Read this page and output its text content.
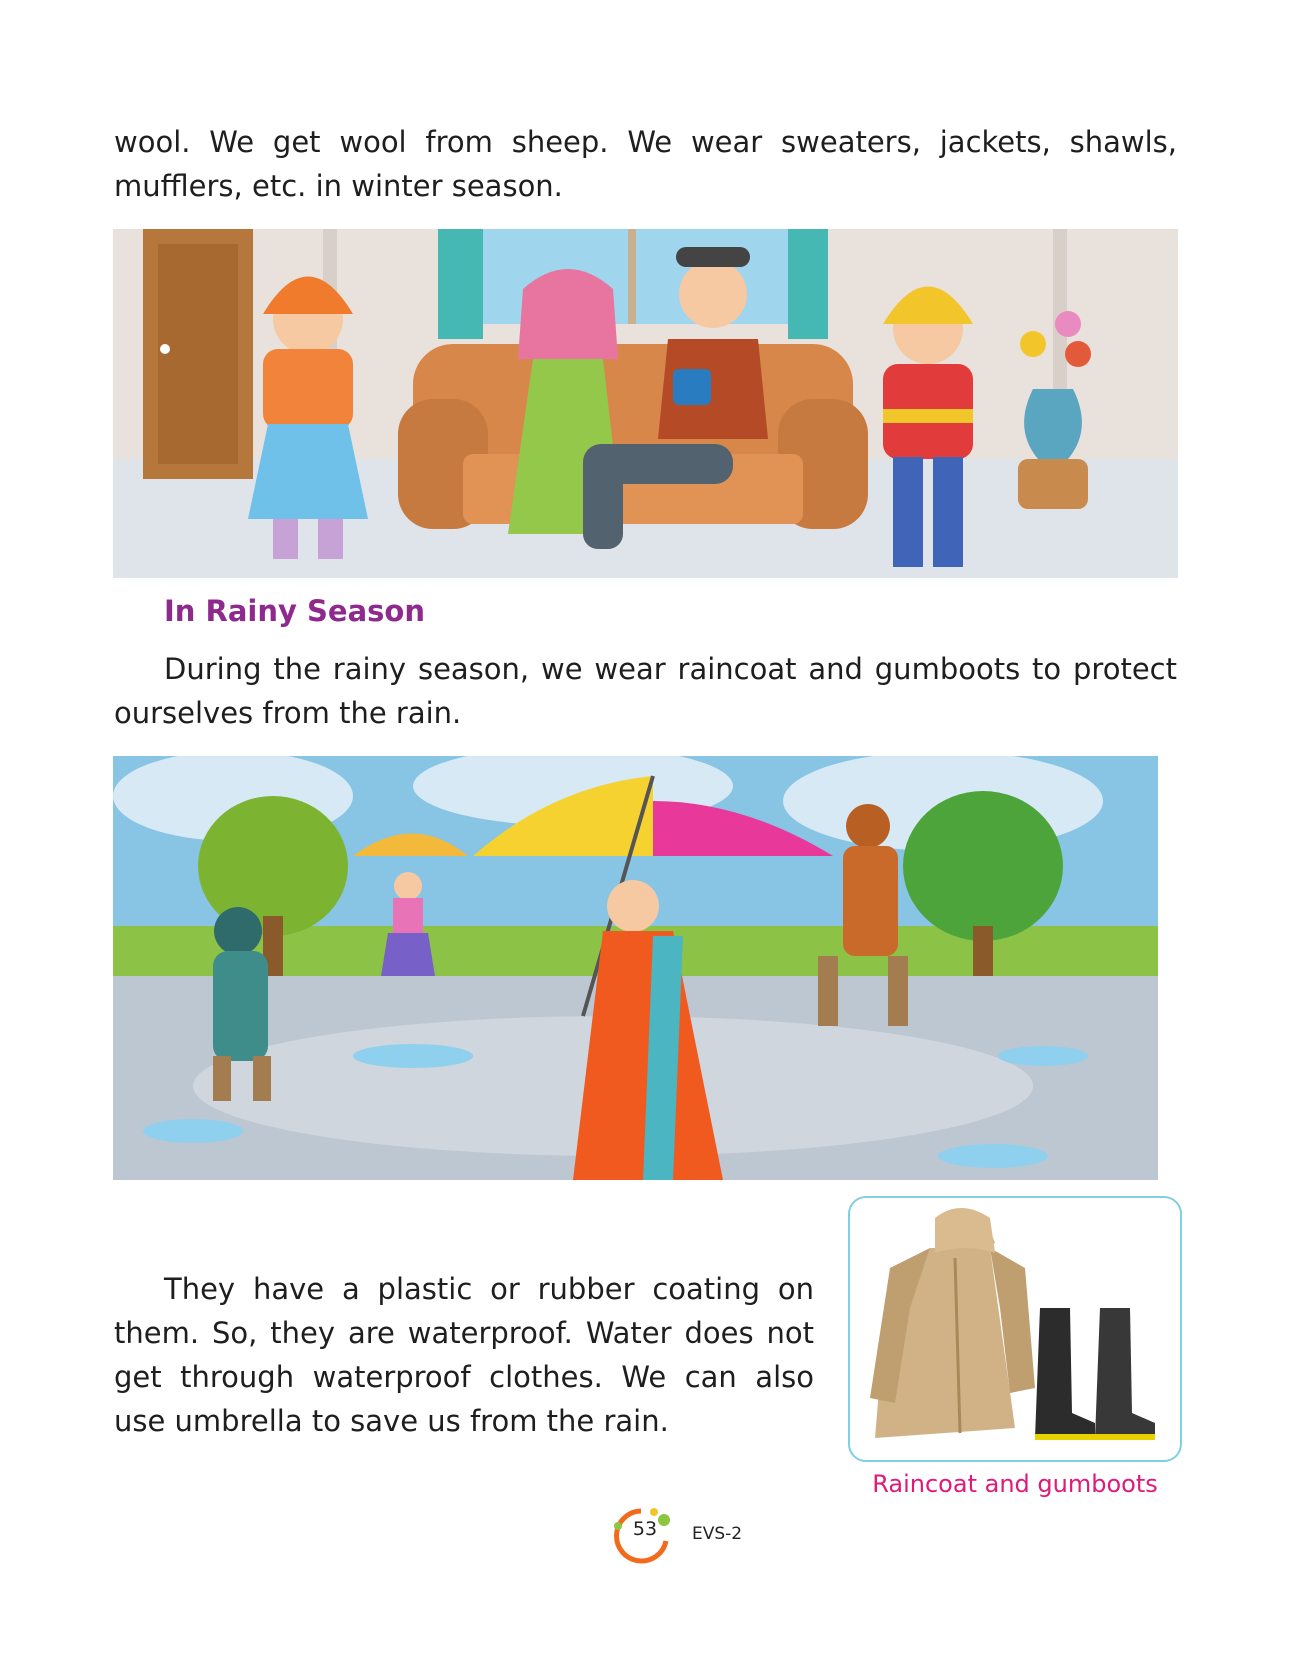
wool. We get wool from sheep. We wear sweaters, jackets, shawls, mufflers, etc. in winter season.

In Rainy Season

During the rainy season, we wear raincoat and gumboots to protect ourselves from the rain.

They have a plastic or rubber coating on them. So, they are waterproof. Water does not get through waterproof clothes. We can also use umbrella to save us from the rain.

Raincoat and gumboots
53	EVS-2
